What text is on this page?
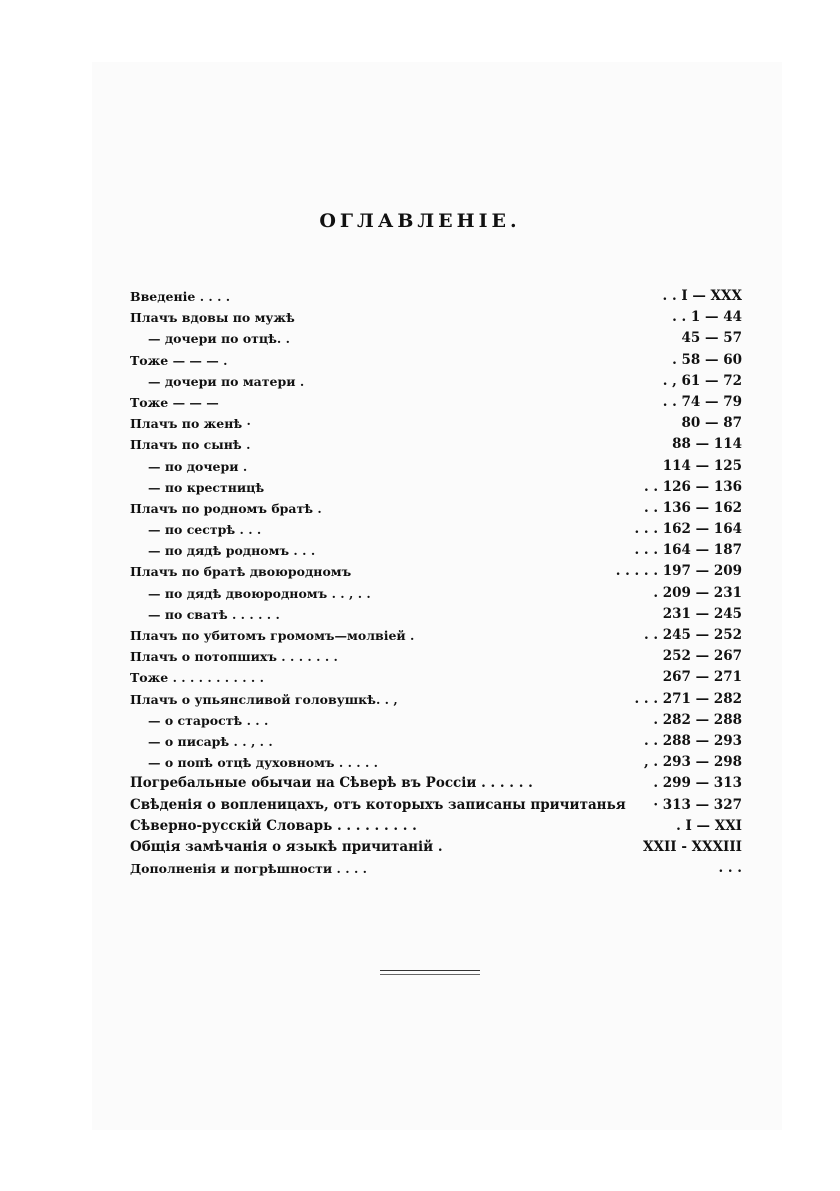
ОГЛАВЛЕНIЕ.
Введенiе . . . .	. . I — XXX
Плачъ вдовы по мужѣ	. . 1 — 44
— дочери по отцѣ. .	45 — 57
Тоже — — — .	. 58 — 60
— дочери по матери .	. , 61 — 72
Тоже — — —	. . 74 — 79
Плачъ по женѣ ·	80 — 87
Плачъ по сынѣ .	88 — 114
— по дочери .	114 — 125
— по крестницѣ	. . 126 — 136
Плачъ по родномъ братѣ .	. . 136 — 162
— по сестрѣ . . .	. . . 162 — 164
— по дядѣ родномъ . . .	. . . 164 — 187
Плачъ по братѣ двоюродномъ	. . . . . 197 — 209
— по дядѣ двоюродномъ . . , . .	. 209 — 231
— по сватѣ . . . . . .	231 — 245
Плачъ по убитомъ громомъ—молвiей .	. . 245 — 252
Плачъ о потопшихъ . . . . . . .	252 — 267
Тоже . . . . . . . . . . .	267 — 271
Плачъ о упьянсливой головушкѣ. . ,	. . . 271 — 282
— о старостѣ . . .	. 282 — 288
— о писарѣ . . , . .	. . 288 — 293
— о попѣ отцѣ духовномъ . . . . .	, . 293 — 298
Погребальные обычаи на Сѣверѣ въ Россiи . . . . . .	. 299 — 313
Свѣденiя о вопленицахъ, отъ которыхъ записаны причитанья · 313 — 327
Сѣверно-русскiй Словарь . . . . . . . . .	. I — XXI
Общiя замѣчанiя о языкѣ причитанiй .	XXII - XXXIII
Дополненiя и погрѣшности . . . .	. . .
